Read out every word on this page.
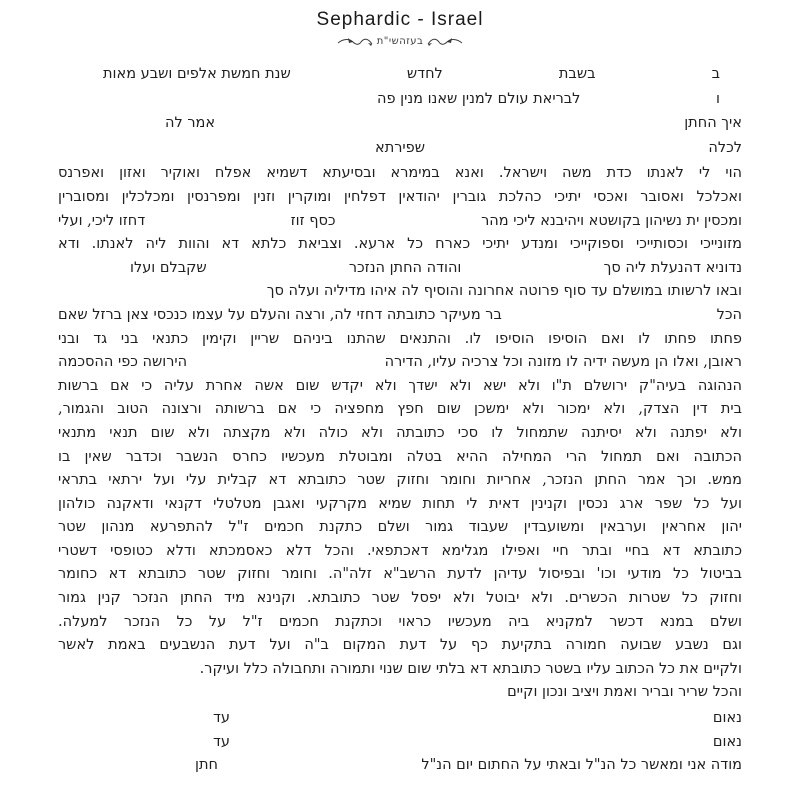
Sephardic - Israel
בעזהשי"ת
ב
בשבת
לחדש
שנת חמשת אלפים ושבע מאות
ו
לבריאת עולם למנין שאנו מנין פה
איך החתן
אמר לה
לכלה
שפירתא
הוי לי לאנתו כדת משה וישראל. ואנא במימרא ובסיעתא דשמיא אפלח ואוקיר ואזון ואפרנס
ואכלכל ואסובר ואכסי יתיכי כהלכת גוברין יהודאין דפלחין ומוקרין וזנין ומפרנסין ומכלכלין ומסוברין
ומכסין ית נשיהון בקושטא ויהיבנא ליכי מהר
כסף זוז
דחזו ליכי, ועלי
מזונייכי וכסותייכי וספוקייכי ומנדע יתיכי כארח כל ארעא. וצביאת כלתא דא והוות ליה לאנתו. ודא
נדוניא דהנעלת ליה סך
והודה החתן הנזכר
שקבלם ועלו
ובאו לרשותו במושלם עד סוף פרוטה אחרונה והוסיף לה איהו מדיליה ועלה סך
הכל
בר מעיקר כתובתה דחזי לה, ורצה והעלם על עצמו כנכסי צאן ברזל שאם
פחתו פחתו לו ואם הוסיפו הוסיפו לו. והתנאים שהתנו ביניהם שריין וקימין כתנאי בני גד ובני
ראובן, ואלו הן מעשה ידיה לו מזונה וכל צרכיה עליו, הדירה
הירושה כפי ההסכמה
הנהוגה בעיה"ק ירושלם ת"ו ולא ישא ולא ישדך ולא יקדש שום אשה אחרת עליה כי אם ברשות
בית דין הצדק, ולא ימכור ולא ימשכן שום חפץ מחפציה כי אם ברשותה ורצונה הטוב והגמור,
ולא יפתנה ולא יסיתנה שתמחול לו סכי כתובתה ולא כולה ולא מקצתה ולא שום תנאי מתנאי
הכתובה ואם תמחול הרי המחילה ההיא בטלה ומבוטלת מעכשיו כחרס הנשבר וכדבר שאין בו
ממש. וכך אמר החתן הנזכר, אחריות וחומר וחזוק שטר כתובתא דא קבלית עלי ועל ירתאי בתראי
ועל כל שפר ארג נכסין וקנינין דאית לי תחות שמיא מקרקעי ואגבן מטלטלי דקנאי ודאקנה כולהון
יהון אחראין וערבאין ומשועבדין שעבוד גמור ושלם כתקנת חכמים ז"ל להתפרעא מנהון שטר
כתובתא דא בחיי ובתר חיי ואפילו מגלימא דאכתפאי. והכל דלא כאסמכתא ודלא כטופסי דשטרי
בביטול כל מודעי וכו' ובפיסול עדיהן לדעת הרשב"א זלה"ה. וחומר וחזוק שטר כתובתא דא כחומר
וחזוק כל שטרות הכשרים. ולא יבוטל ולא יפסל שטר כתובתא. וקנינא מיד החתן הנזכר קנין גמור
ושלם במנא דכשר למקניא ביה מעכשיו כראוי וכתקנת חכמים ז"ל על כל הנזכר למעלה.
וגם נשבע שבועה חמורה בתקיעת כף על דעת המקום ב"ה ועל דעת הנשבעים באמת לאשר
ולקיים את כל הכתוב עליו בשטר כתובתא דא בלתי שום שנוי ותמורה ותחבולה כלל ועיקר.
והכל שריר ובריר ואמת ויציב ונכון וקיים
נאום
עד
נאום
עד
מודה אני ומאשר כל הנ"ל ובאתי על החתום יום הנ"ל
חתן
